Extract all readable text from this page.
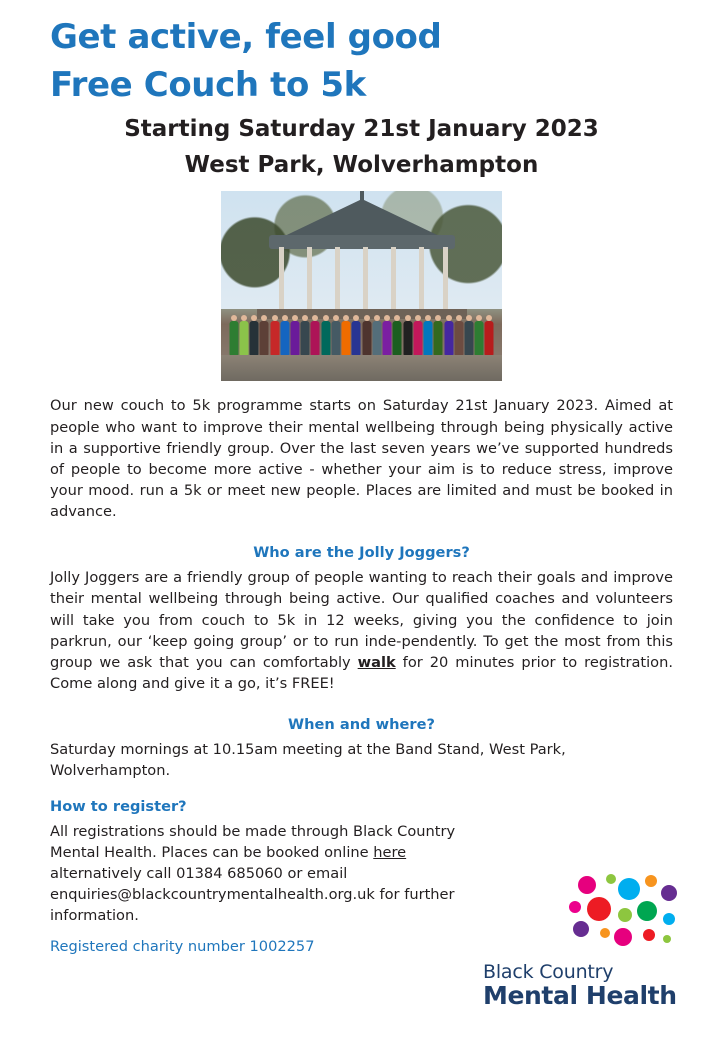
Get active, feel good
Free Couch to 5k
Starting Saturday 21st January 2023
West Park, Wolverhampton

Our new couch to 5k programme starts on Saturday 21st January 2023. Aimed at people who want to improve their mental wellbeing through being physically active in a supportive friendly group. Over the last seven years we’ve supported hundreds of people to become more active - whether your aim is to reduce stress, improve your mood. run a 5k or meet new people. Places are limited and must be booked in advance.

Who are the Jolly Joggers?

Jolly Joggers are a friendly group of people wanting to reach their goals and improve their mental wellbeing through being active. Our qualified coaches and volunteers will take you from couch to 5k in 12 weeks, giving you the confidence to join parkrun, our ‘keep going group’ or to run inde-pendently. To get the most from this group we ask that you can comfortably walk for 20 minutes prior to registration. Come along and give it a go, it’s FREE!

When and where?

Saturday mornings at 10.15am meeting at the Band Stand, West Park, Wolverhampton.

How to register?

All registrations should be made through Black Country Mental Health. Places can be booked online here alternatively call 01384 685060 or email enquiries@blackcountrymentalhealth.org.uk for further information.

Registered charity number 1002257
Black Country
Mental Health
